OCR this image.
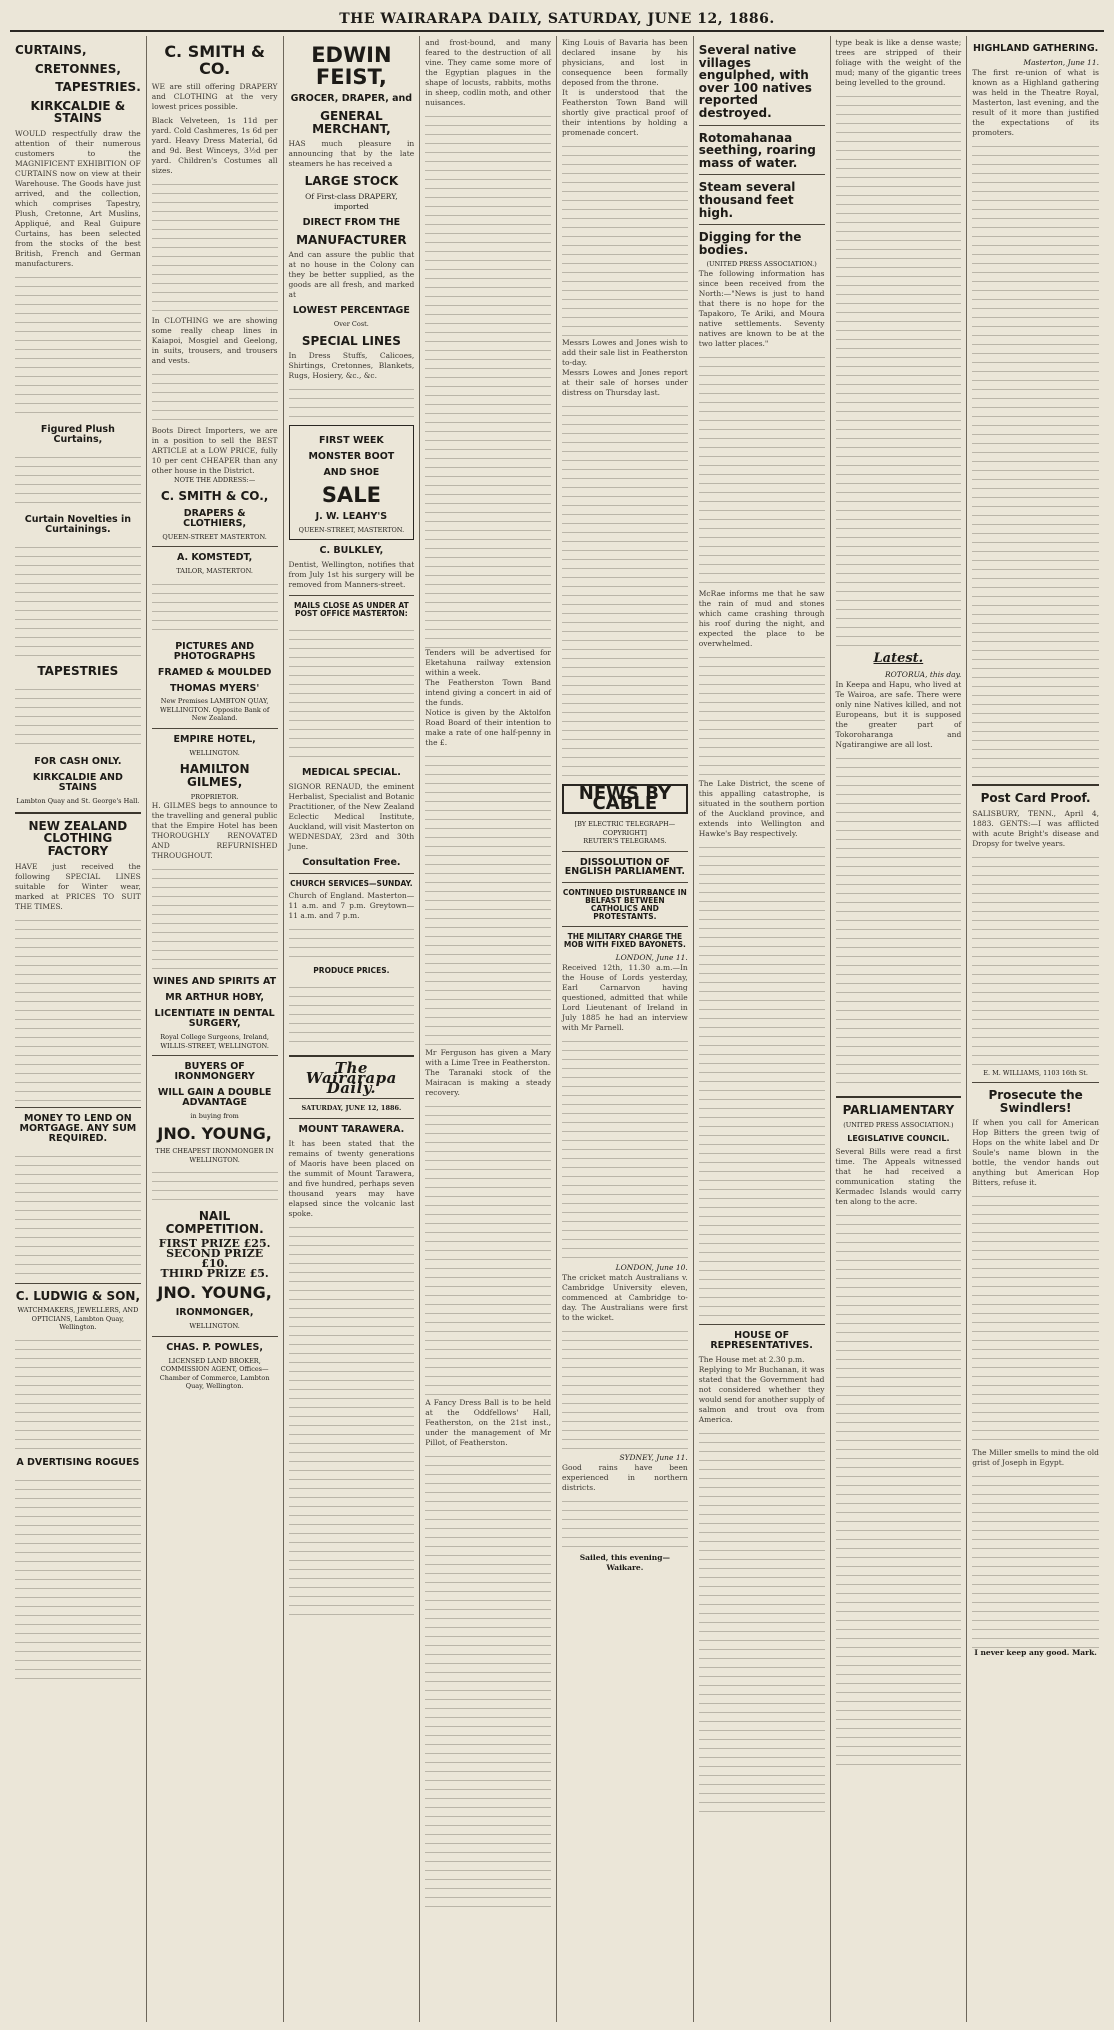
THE WAIRARAPA DAILY, SATURDAY, JUNE 12, 1886.
CURTAINS,
CRETONNES,
TAPESTRIES.
KIRKCALDIE & STAINS

WOULD respectfully draw the attention of their numerous customers to the MAGNIFICENT EXHIBITION OF CURTAINS now on view at their Warehouse. The Goods have just arrived, and the collection, which comprises Tapestry, Plush, Cretonne, Art Muslins, Appliqué, and Real Guipure Curtains, has been selected from the stocks of the best British, French and German manufacturers.

Figured Plush Curtains,
Curtain Novelties in Curtainings.
TAPESTRIES
FOR CASH ONLY.
KIRKCALDIE AND STAINS

Lambton Quay and St. George's Hall.

NEW ZEALAND CLOTHING FACTORY

HAVE just received the following SPECIAL LINES suitable for Winter wear, marked at PRICES TO SUIT THE TIMES.

MONEY TO LEND ON MORTGAGE. ANY SUM REQUIRED.
C. LUDWIG & SON,

WATCHMAKERS, JEWELLERS, AND OPTICIANS, Lambton Quay, Wellington.

A DVERTISING ROGUES
C. SMITH & CO.

WE are still offering DRAPERY and CLOTHING at the very lowest prices possible.

Black Velveteen, 1s 11d per yard. Cold Cashmeres, 1s 6d per yard. Heavy Dress Material, 6d and 9d. Best Winceys, 3½d per yard. Children's Costumes all sizes.

In CLOTHING we are showing some really cheap lines in Kaiapoi, Mosgiel and Geelong, in suits, trousers, and trousers and vests.

Boots Direct Importers, we are in a position to sell the BEST ARTICLE at a LOW PRICE, fully 10 per cent CHEAPER than any other house in the District.

NOTE THE ADDRESS:—

C. SMITH & CO.,
DRAPERS & CLOTHIERS,

QUEEN-STREET MASTERTON.

A. KOMSTEDT,

TAILOR, MASTERTON.

PICTURES AND PHOTOGRAPHS
FRAMED & MOULDED
THOMAS MYERS'

New Premises LAMBTON QUAY, WELLINGTON. Opposite Bank of New Zealand.

EMPIRE HOTEL,

WELLINGTON.

HAMILTON GILMES,

PROPRIETOR.

H. GILMES begs to announce to the travelling and general public that the Empire Hotel has been THOROUGHLY RENOVATED AND REFURNISHED THROUGHOUT.

WINES AND SPIRITS AT
MR ARTHUR HOBY,
LICENTIATE IN DENTAL SURGERY,

Royal College Surgeons, Ireland, WILLIS-STREET, WELLINGTON.

BUYERS OF IRONMONGERY
WILL GAIN A DOUBLE ADVANTAGE

in buying from

JNO. YOUNG,

THE CHEAPEST IRONMONGER IN WELLINGTON.

NAIL COMPETITION.
FIRST PRIZE £25.
SECOND PRIZE £10.
THIRD PRIZE £5.
JNO. YOUNG,
IRONMONGER,

WELLINGTON.

CHAS. P. POWLES,

LICENSED LAND BROKER, COMMISSION AGENT, Offices—Chamber of Commerce, Lambton Quay, Wellington.

EDWIN FEIST,
GROCER, DRAPER, and
GENERAL MERCHANT,

HAS much pleasure in announcing that by the late steamers he has received a

LARGE STOCK

Of First-class DRAPERY, imported

DIRECT FROM THE
MANUFACTURER

And can assure the public that at no house in the Colony can they be better supplied, as the goods are all fresh, and marked at

LOWEST PERCENTAGE

Over Cost.

SPECIAL LINES

In Dress Stuffs, Calicoes, Shirtings, Cretonnes, Blankets, Rugs, Hosiery, &c., &c.

FIRST WEEK
MONSTER BOOT
AND SHOE
SALE
J. W. LEAHY'S

QUEEN-STREET, MASTERTON.

C. BULKLEY,

Dentist, Wellington, notifies that from July 1st his surgery will be removed from Manners-street.

MAILS CLOSE AS UNDER AT POST OFFICE MASTERTON:
MEDICAL SPECIAL.

SIGNOR RENAUD, the eminent Herbalist, Specialist and Botanic Practitioner, of the New Zealand Eclectic Medical Institute, Auckland, will visit Masterton on WEDNESDAY, 23rd and 30th June.

Consultation Free.
CHURCH SERVICES—SUNDAY.

Church of England. Masterton—11 a.m. and 7 p.m. Greytown—11 a.m. and 7 p.m.

PRODUCE PRICES.
The Wairarapa Daily.

SATURDAY, JUNE 12, 1886.

MOUNT TARAWERA.

It has been stated that the remains of twenty generations of Maoris have been placed on the summit of Mount Tarawera, and five hundred, perhaps seven thousand years may have elapsed since the volcanic last spoke.

and frost-bound, and many feared to the destruction of all vine. They came some more of the Egyptian plagues in the shape of locusts, rabbits, moths in sheep, codlin moth, and other nuisances.

Tenders will be advertised for Eketahuna railway extension within a week.

The Featherston Town Band intend giving a concert in aid of the funds.

Notice is given by the Aktolfon Road Board of their intention to make a rate of one half-penny in the £.

Mr Ferguson has given a Mary with a Lime Tree in Featherston.

The Taranaki stock of the Mairacan is making a steady recovery.

A Fancy Dress Ball is to be held at the Oddfellows' Hall, Featherston, on the 21st inst., under the management of Mr Pillot, of Featherston.

King Louis of Bavaria has been declared insane by his physicians, and lost in consequence been formally deposed from the throne.

It is understood that the Featherston Town Band will shortly give practical proof of their intentions by holding a promenade concert.

Messrs Lowes and Jones wish to add their sale list in Featherston to-day.

Messrs Lowes and Jones report at their sale of horses under distress on Thursday last.

NEWS BY CABLE

[BY ELECTRIC TELEGRAPH—COPYRIGHT]

REUTER'S TELEGRAMS.

DISSOLUTION OF ENGLISH PARLIAMENT.
CONTINUED DISTURBANCE IN BELFAST BETWEEN CATHOLICS AND PROTESTANTS.
THE MILITARY CHARGE THE MOB WITH FIXED BAYONETS.

LONDON, June 11.

Received 12th, 11.30 a.m.—In the House of Lords yesterday, Earl Carnarvon having questioned, admitted that while Lord Lieutenant of Ireland in July 1885 he had an interview with Mr Parnell.

LONDON, June 10.

The cricket match Australians v. Cambridge University eleven, commenced at Cambridge to-day. The Australians were first to the wicket.

SYDNEY, June 11.

Good rains have been experienced in northern districts.

Sailed, this evening—Waikare.

Several native villages engulphed, with over 100 natives reported destroyed.
Rotomahanaa seething, roaring mass of water.
Steam several thousand feet high.
Digging for the bodies.

(UNITED PRESS ASSOCIATION.)

The following information has since been received from the North:—"News is just to hand that there is no hope for the Tapakoro, Te Ariki, and Moura native settlements. Seventy natives are known to be at the two latter places."

McRae informs me that he saw the rain of mud and stones which came crashing through his roof during the night, and expected the place to be overwhelmed.

The Lake District, the scene of this appalling catastrophe, is situated in the southern portion of the Auckland province, and extends into Wellington and Hawke's Bay respectively.

HOUSE OF REPRESENTATIVES.

The House met at 2.30 p.m.

Replying to Mr Buchanan, it was stated that the Government had not considered whether they would send for another supply of salmon and trout ova from America.

type beak is like a dense waste; trees are stripped of their foliage with the weight of the mud; many of the gigantic trees being levelled to the ground.

Latest.

ROTORUA, this day.

In Keepa and Hapu, who lived at Te Wairoa, are safe. There were only nine Natives killed, and not Europeans, but it is supposed the greater part of Tokoroharanga and Ngatirangiwe are all lost.

PARLIAMENTARY

(UNITED PRESS ASSOCIATION.)

LEGISLATIVE COUNCIL.

Several Bills were read a first time. The Appeals witnessed that he had received a communication stating the Kermadec Islands would carry ten along to the acre.

HIGHLAND GATHERING.

Masterton, June 11.

The first re-union of what is known as a Highland gathering was held in the Theatre Royal, Masterton, last evening, and the result of it more than justified the expectations of its promoters.

Post Card Proof.

SALISBURY, TENN., April 4, 1883. GENTS:—I was afflicted with acute Bright's disease and Dropsy for twelve years.

E. M. WILLIAMS, 1103 16th St.

Prosecute the Swindlers!

If when you call for American Hop Bitters the green twig of Hops on the white label and Dr Soule's name blown in the bottle, the vendor hands out anything but American Hop Bitters, refuse it.

The Miller smells to mind the old grist of Joseph in Egypt.

I never keep any good. Mark.
